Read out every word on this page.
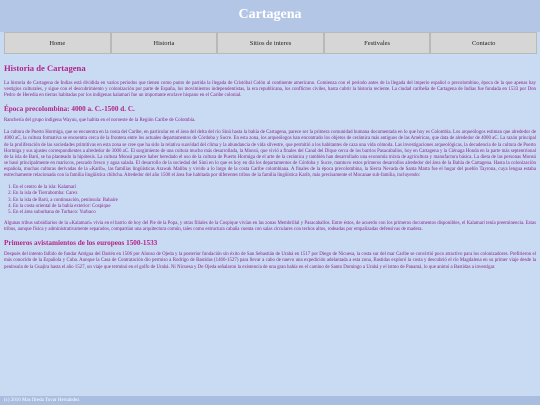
Cartagena
Home	Historia	Sitios de interes	Festivales	Contacto
Historia de Cartagena

La historia de Cartagena de Indias está dividida en varios periodos que tienen como punto de partida la llegada de Cristóbal Colón al continente americano. Comienza con el periodo antes de la llegada del imperio español o precolombino, época de la que apenas hay vestigios culturales, y sigue con el descubrimiento y colonización por parte de España, los movimientos independentistas, la era republicana, los conflictos civiles, hasta cubrir la historia reciente. La ciudad caribeña de Cartagena de Indias fue fundada en 1533 por Don Pedro de Heredia en tierras habitadas por los indígenas kalamarí fue un importante enclave hispano en el Caribe colonial.

Época precolombina: 4000 a. C.-1500 d. C.

Ranchería del grupo indígena Wayuu, que habita en el noroeste de la Región Caribe de Colombia.

La cultura de Puerto Hormiga, que se encuentra en la costa del Caribe, en particular en el área del delta del río Sinú hasta la bahía de Cartagena, parece ser la primera comunidad humana documentada en lo que hoy es Colombia. Los arqueólogos estiman que alrededor de 4000 aC, la cultura formativa se encuentra cerca de la frontera entre los actuales departamentos de Córdoba y Sucre. En esta zona, los arqueólogos han encontrado los objetos de cerámica más antiguos de las Américas, que data de alrededor de 4000 aC. La razón principal de la proliferación de las sociedades primitivas en esta zona se cree que ha sido la relativa suavidad del clima y la abundancia de vida silvestre, que permitió a los habitantes de caza una vida cómoda. Las investigaciones arqueológicas, la decadencia de la cultura de Puerto Hormiga y sus ajustes correspondientes a alrededor de 3000 aC. El surgimiento de una cultura mucho más desarrollada, la Monsú, que vivió a finales del Canal del Dique cerca de los barrios Pasacaballos, hoy en Cartagena y la Ciénaga Honda en la parte más septentrional de la isla de Barú, se ha planteado la hipótesis. La cultura Monsú parece haber heredado el uso de la cultura de Puerto Hormiga de el arte de la cerámica y también han desarrollado una economía mixta de agricultura y manufactura básica. La dieta de las personas Monsú se basó principalmente en mariscos, pescado fresco y agua salada. El desarrollo de la sociedad del Sinú en lo que es hoy en día los departamentos de Córdoba y Sucre, mantuvo estos primeros desarrollos alrededor del área de la Bahía de Cartagena. Hasta la colonización española, muchas culturas derivadas de la «Karib», las familias lingüísticas Arawak Malibu y vivido a lo largo de la costa Caribe colombiana. A finales de la época precolombina, la Sierra Nevada de Santa Marta fue el hogar del pueblo Tayrona, cuya lengua estaba estrechamente relacionada con la familia lingüística chibcha. Alrededor del año 1500 el área fue habitada por diferentes tribus de la familia lingüística Karib, más precisamente el Mocanae sub-familia, incluyendo:

1. En el centro de la isla: Kalamarí
2. En la isla de Tierrabomba: Carex
3. En la isla de Barú, a continuación, península: Bahaire
4. En la costa oriental de la bahía exterior: Cospique
5. En el área suburbana de Turbaco: Yurbaco

Algunas tribus subsidiarios de la «Kalamarí» vivía en el barrio de hoy del Pie de la Popa, y otras filiales de la Cospique vivían en las zonas Membrillal y Pasacaballos. Entre éstos, de acuerdo con los primeros documentos disponibles, el Kalamarí tenía preeminencia. Estas tribus, aunque física y administrativamente separados, compartían una arquitectura común, tales como estructura cabaña cuenta con salas circulares con techos altos, rodeadas por empalizadas defensivas de madera.

Primeros avistamientos de los europeos 1500-1533

Después del intento fallido de fundar Antigua del Darién en 1506 por Alonso de Ojeda y la posterior fundación sin éxito de San Sebastián de Urabá en 1517 por Diego de Nicuesa, la costa sur del mar Caribe se convirtió poco atractivo para los colonizadores. Prefirieron el más conocido de la Española y Cuba. Aunque la Casa de Contratación dio permiso a Rodrigo de Bastidas (1460-1527) para llevar a cabo de nuevo una expedición adelantada a esta zona, Bastidas exploró la costa y descubrió el río Magdalena en su primer viaje desde la península de la Guajira hasta el año 1527, un viaje que terminó en el golfo de Urabá. Ni Nicuesa y De Ojeda señalaron la existencia de una gran bahía en el camino de Santo Domingo a Urabá y el istmo de Panamá, lo que animó a Bastidas a investigar.

(c) 2016 Mas Ifreda Tovar Hernández
